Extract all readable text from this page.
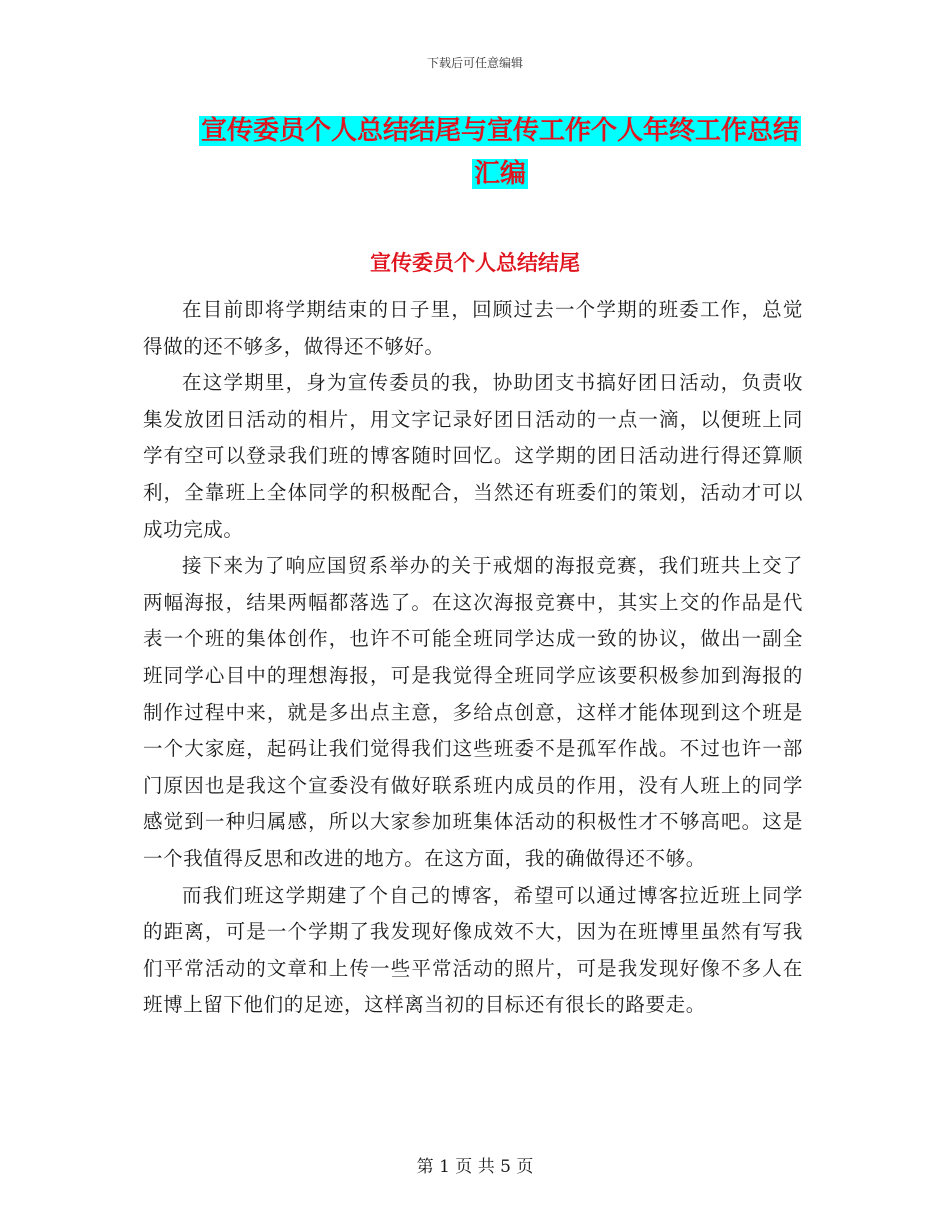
下载后可任意编辑
宣传委员个人总结结尾与宣传工作个人年终工作总结
汇编
宣传委员个人总结结尾

在目前即将学期结束的日子里，回顾过去一个学期的班委工作，总觉得做的还不够多，做得还不够好。

在这学期里，身为宣传委员的我，协助团支书搞好团日活动，负责收集发放团日活动的相片，用文字记录好团日活动的一点一滴，以便班上同学有空可以登录我们班的博客随时回忆。这学期的团日活动进行得还算顺利，全靠班上全体同学的积极配合，当然还有班委们的策划，活动才可以成功完成。

接下来为了响应国贸系举办的关于戒烟的海报竞赛，我们班共上交了两幅海报，结果两幅都落选了。在这次海报竞赛中，其实上交的作品是代表一个班的集体创作，也许不可能全班同学达成一致的协议，做出一副全班同学心目中的理想海报，可是我觉得全班同学应该要积极参加到海报的制作过程中来，就是多出点主意，多给点创意，这样才能体现到这个班是一个大家庭，起码让我们觉得我们这些班委不是孤军作战。不过也许一部门原因也是我这个宣委没有做好联系班内成员的作用，没有人班上的同学感觉到一种归属感，所以大家参加班集体活动的积极性才不够高吧。这是一个我值得反思和改进的地方。在这方面，我的确做得还不够。

而我们班这学期建了个自己的博客，希望可以通过博客拉近班上同学的距离，可是一个学期了我发现好像成效不大，因为在班博里虽然有写我们平常活动的文章和上传一些平常活动的照片，可是我发现好像不多人在班博上留下他们的足迹，这样离当初的目标还有很长的路要走。

第 1 页 共 5 页
